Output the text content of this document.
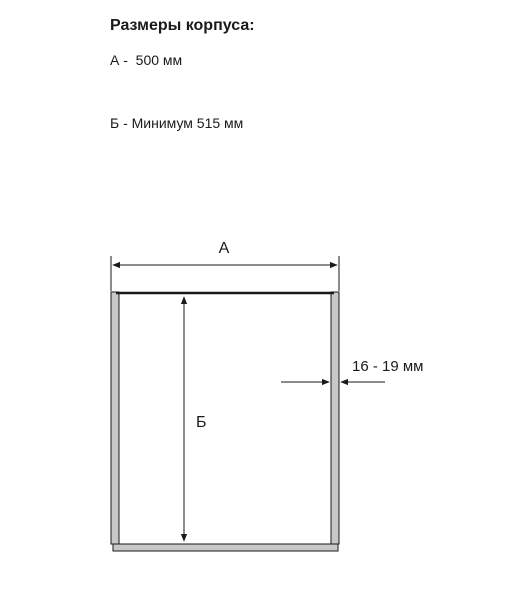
Размеры корпуса:
А -  500 мм
Б - Минимум 515 мм
А
Б
16 - 19 мм
